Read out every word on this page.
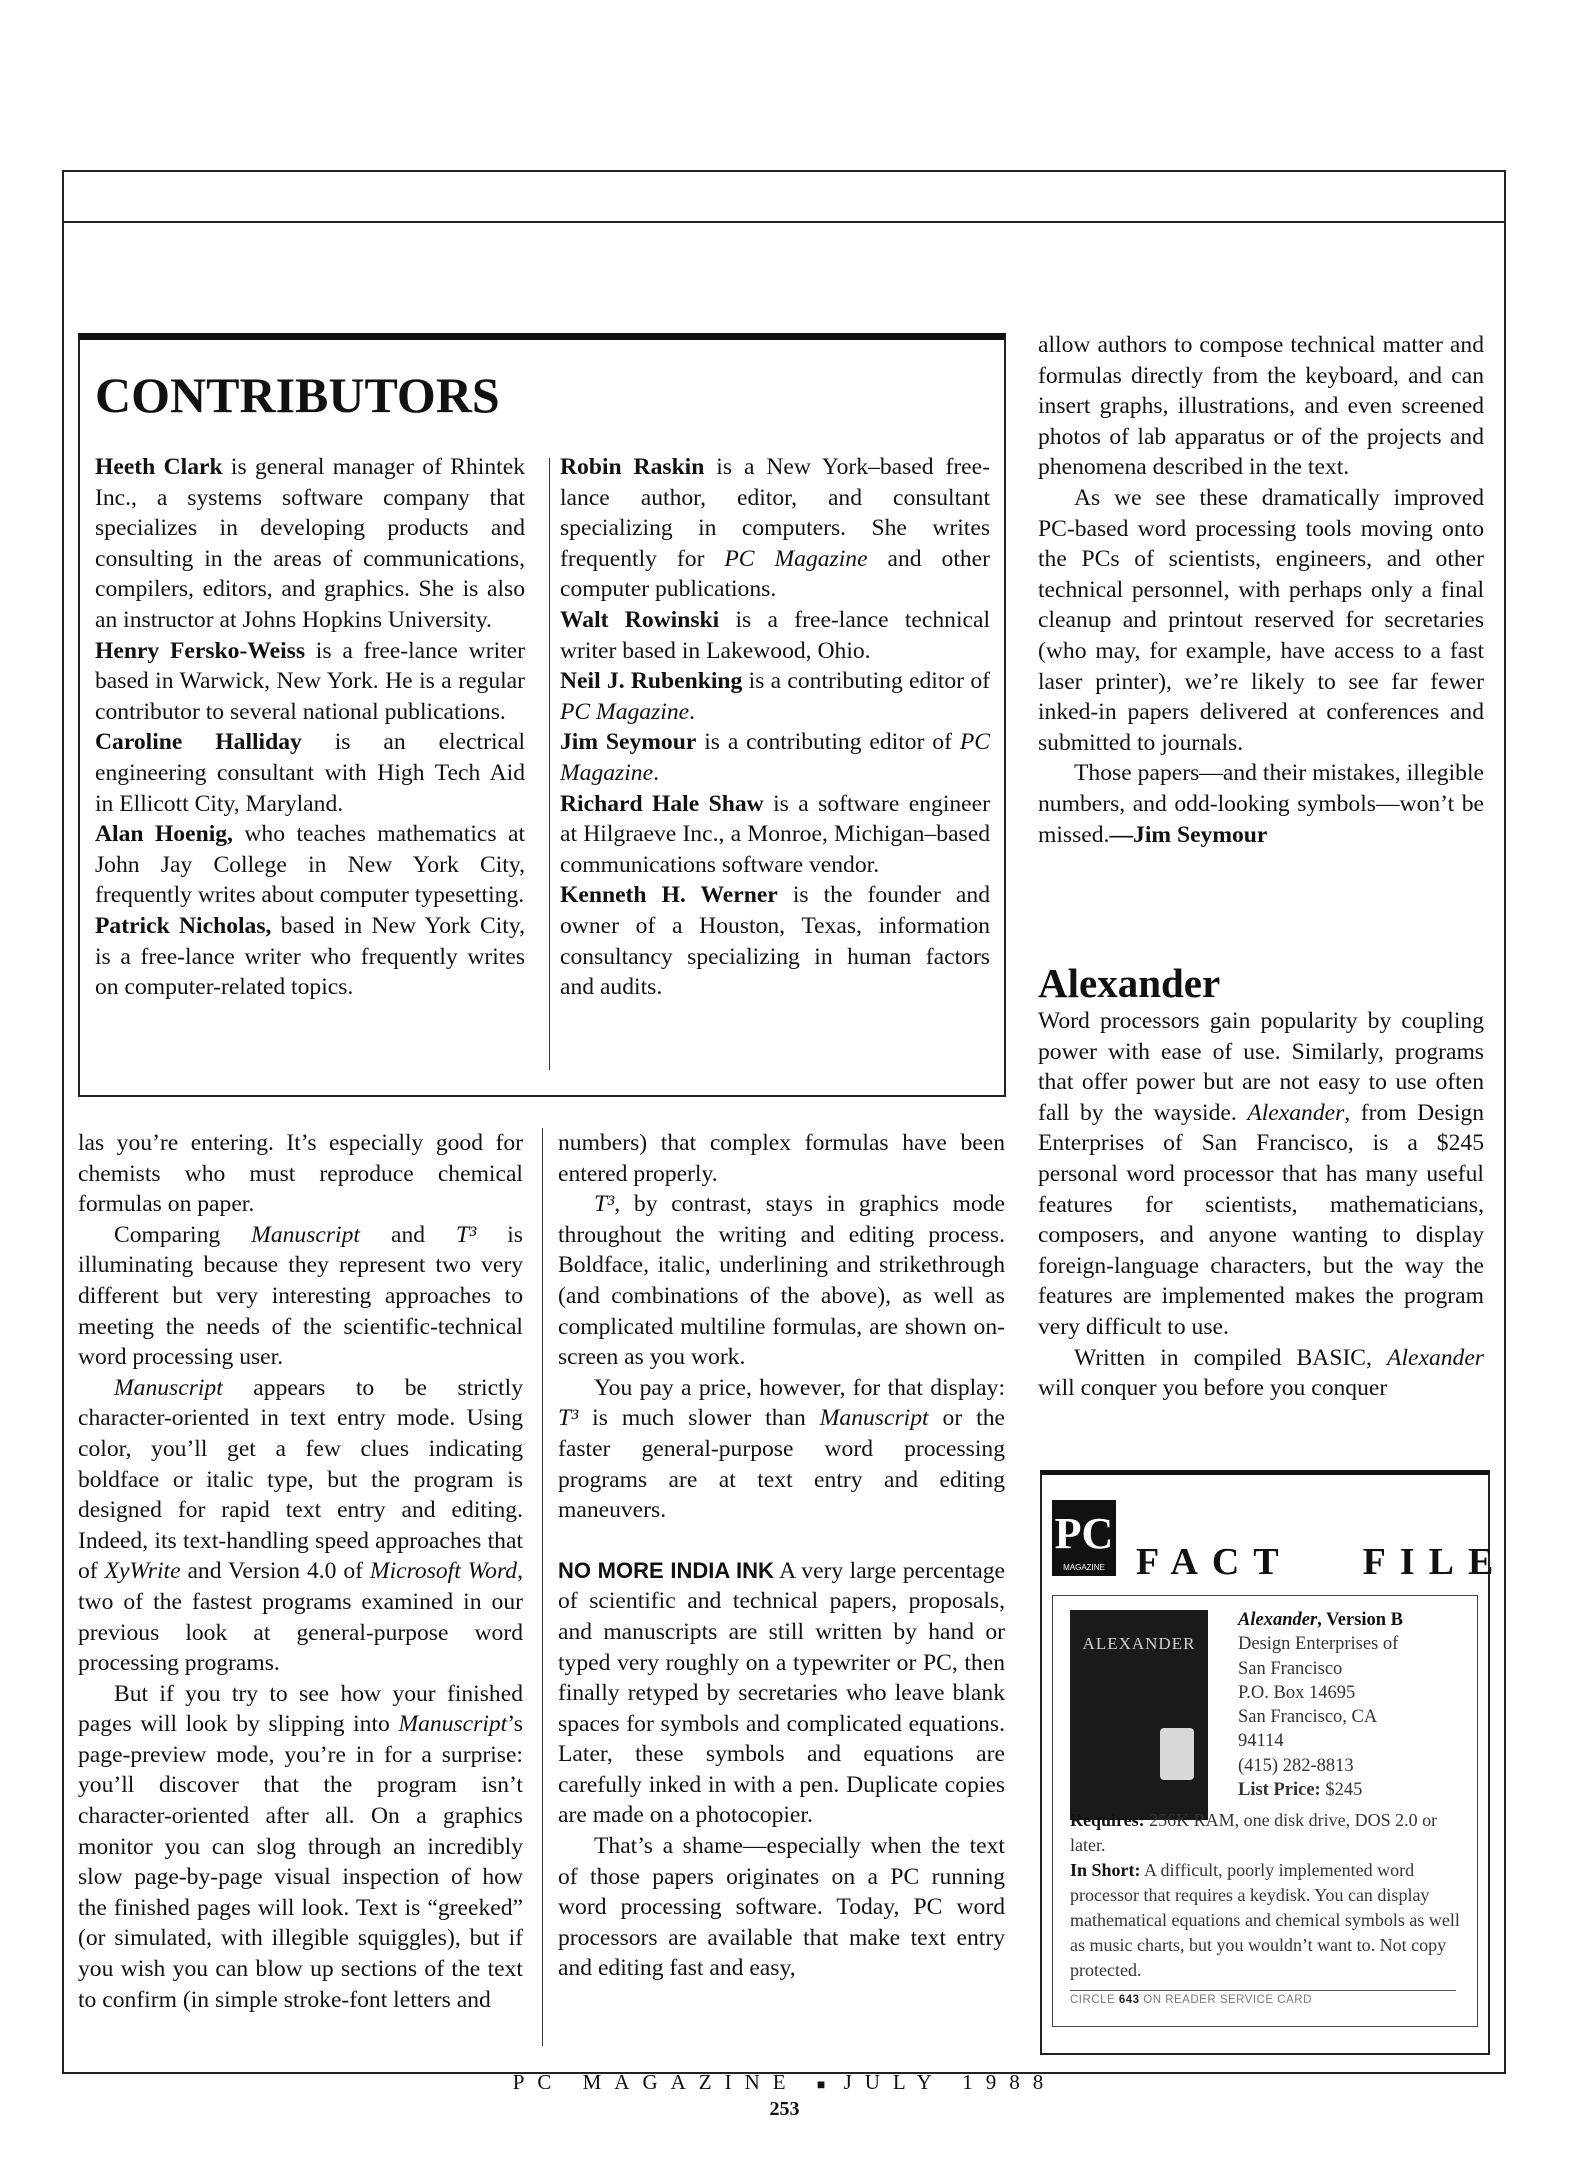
CONTRIBUTORS

Heeth Clark is general manager of Rhintek Inc., a systems software company that specializes in developing products and consulting in the areas of communications, compilers, editors, and graphics. She is also an instructor at Johns Hopkins University.

Henry Fersko-Weiss is a free-lance writer based in Warwick, New York. He is a regular contributor to several national publications.

Caroline Halliday is an electrical engineering consultant with High Tech Aid in Ellicott City, Maryland.

Alan Hoenig, who teaches mathematics at John Jay College in New York City, frequently writes about computer typesetting.

Patrick Nicholas, based in New York City, is a free-lance writer who frequently writes on computer-related topics.

Robin Raskin is a New York–based free-lance author, editor, and consultant specializing in computers. She writes frequently for PC Magazine and other computer publications.

Walt Rowinski is a free-lance technical writer based in Lakewood, Ohio.

Neil J. Rubenking is a contributing editor of PC Magazine.

Jim Seymour is a contributing editor of PC Magazine.

Richard Hale Shaw is a software engineer at Hilgraeve Inc., a Monroe, Michigan–based communications software vendor.

Kenneth H. Werner is the founder and owner of a Houston, Texas, information consultancy specializing in human factors and audits.

las you’re entering. It’s especially good for chemists who must reproduce chemical formulas on paper.

Comparing Manuscript and T³ is illuminating because they represent two very different but very interesting approaches to meeting the needs of the scientific-technical word processing user.

Manuscript appears to be strictly character-oriented in text entry mode. Using color, you’ll get a few clues indicating boldface or italic type, but the program is designed for rapid text entry and editing. Indeed, its text-handling speed approaches that of XyWrite and Version 4.0 of Microsoft Word, two of the fastest programs examined in our previous look at general-purpose word processing programs.

But if you try to see how your finished pages will look by slipping into Manuscript’s page-preview mode, you’re in for a surprise: you’ll discover that the program isn’t character-oriented after all. On a graphics monitor you can slog through an incredibly slow page-by-page visual inspection of how the finished pages will look. Text is “greeked” (or simulated, with illegible squiggles), but if you wish you can blow up sections of the text to confirm (in simple stroke-font letters and

numbers) that complex formulas have been entered properly.

T³, by contrast, stays in graphics mode throughout the writing and editing process. Boldface, italic, underlining and strikethrough (and combinations of the above), as well as complicated multiline formulas, are shown on-screen as you work.

You pay a price, however, for that display: T³ is much slower than Manuscript or the faster general-purpose word processing programs are at text entry and editing maneuvers.

NO MORE INDIA INK A very large percentage of scientific and technical papers, proposals, and manuscripts are still written by hand or typed very roughly on a typewriter or PC, then finally retyped by secretaries who leave blank spaces for symbols and complicated equations. Later, these symbols and equations are carefully inked in with a pen. Duplicate copies are made on a photocopier.

That’s a shame—especially when the text of those papers originates on a PC running word processing software. Today, PC word processors are available that make text entry and editing fast and easy,

allow authors to compose technical matter and formulas directly from the keyboard, and can insert graphs, illustrations, and even screened photos of lab apparatus or of the projects and phenomena described in the text.

As we see these dramatically improved PC-based word processing tools moving onto the PCs of scientists, engineers, and other technical personnel, with perhaps only a final cleanup and printout reserved for secretaries (who may, for example, have access to a fast laser printer), we’re likely to see far fewer inked-in papers delivered at conferences and submitted to journals.

Those papers—and their mistakes, illegible numbers, and odd-looking symbols—won’t be missed.—Jim Seymour

Alexander

Word processors gain popularity by coupling power with ease of use. Similarly, programs that offer power but are not easy to use often fall by the wayside. Alexander, from Design Enterprises of San Francisco, is a $245 personal word processor that has many useful features for scientists, mathematicians, composers, and anyone wanting to display foreign-language characters, but the way the features are implemented makes the program very difficult to use.

Written in compiled BASIC, Alexander will conquer you before you conquer

PC
MAGAZINE FACT FILE
ALEXANDER
Alexander, Version B
Design Enterprises of
San Francisco
P.O. Box 14695
San Francisco, CA
94114
(415) 282-8813
List Price: $245
Requires: 256K RAM, one disk drive, DOS 2.0 or later.
In Short: A difficult, poorly implemented word processor that requires a keydisk. You can display mathematical equations and chemical symbols as well as music charts, but you wouldn’t want to. Not copy protected.
CIRCLE 643 ON READER SERVICE CARD
PC MAGAZINE ■ JULY 1988
253
